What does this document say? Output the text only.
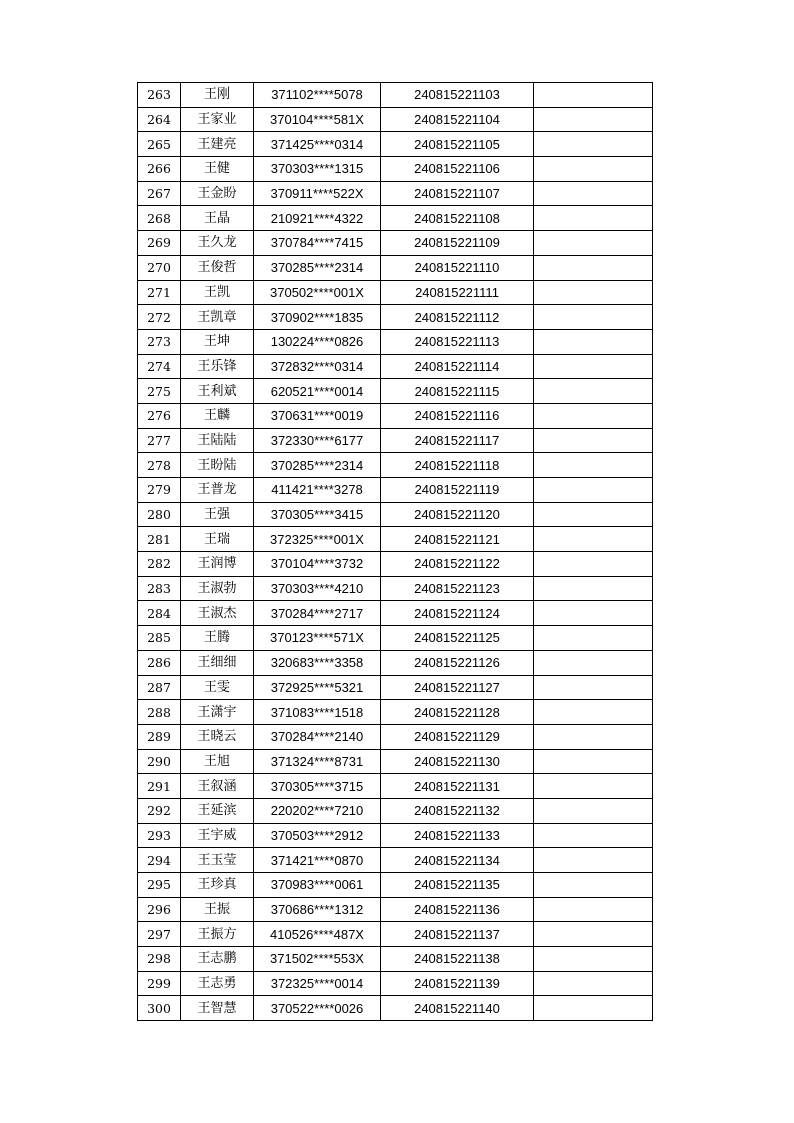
263	王刚	371102****5078	240815221103	
264	王家业	370104****581X	240815221104	
265	王建亮	371425****0314	240815221105	
266	王健	370303****1315	240815221106	
267	王金盼	370911****522X	240815221107	
268	王晶	210921****4322	240815221108	
269	王久龙	370784****7415	240815221109	
270	王俊哲	370285****2314	240815221110	
271	王凯	370502****001X	240815221111	
272	王凯章	370902****1835	240815221112	
273	王坤	130224****0826	240815221113	
274	王乐锋	372832****0314	240815221114	
275	王利斌	620521****0014	240815221115	
276	王麟	370631****0019	240815221116	
277	王陆陆	372330****6177	240815221117	
278	王盼陆	370285****2314	240815221118	
279	王普龙	411421****3278	240815221119	
280	王强	370305****3415	240815221120	
281	王瑞	372325****001X	240815221121	
282	王润博	370104****3732	240815221122	
283	王淑勃	370303****4210	240815221123	
284	王淑杰	370284****2717	240815221124	
285	王腾	370123****571X	240815221125	
286	王细细	320683****3358	240815221126	
287	王雯	372925****5321	240815221127	
288	王潇宇	371083****1518	240815221128	
289	王晓云	370284****2140	240815221129	
290	王旭	371324****8731	240815221130	
291	王叙涵	370305****3715	240815221131	
292	王延滨	220202****7210	240815221132	
293	王宇威	370503****2912	240815221133	
294	王玉莹	371421****0870	240815221134	
295	王珍真	370983****0061	240815221135	
296	王振	370686****1312	240815221136	
297	王振方	410526****487X	240815221137	
298	王志鹏	371502****553X	240815221138	
299	王志勇	372325****0014	240815221139	
300	王智慧	370522****0026	240815221140	
